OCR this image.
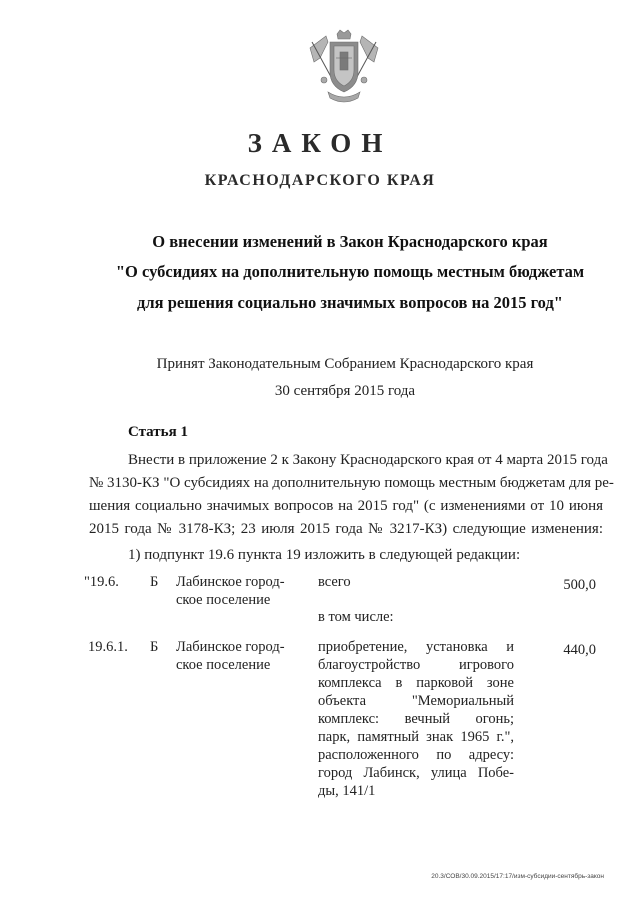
ЗАКОН
КРАСНОДАРСКОГО КРАЯ
О внесении изменений в Закон Краснодарского края
"О субсидиях на дополнительную помощь местным бюджетам
для решения социально значимых вопросов на 2015 год"
Принят Законодательным Собранием Краснодарского края
30 сентября 2015 года
Статья 1
Внести в приложение 2 к Закону Краснодарского края от 4 марта 2015 года
№ 3130-КЗ "О субсидиях на дополнительную помощь местным бюджетам для ре-
шения социально значимых вопросов на 2015 год" (с изменениями от 10 июня
2015 года № 3178-КЗ; 23 июля 2015 года № 3217-КЗ) следующие изменения:
1) подпункт 19.6 пункта 19 изложить в следующей редакции:
"19.6. Б Лабинское город-
ское поселение
всего	500,0
в том числе:
19.6.1. Б Лабинское город-
ское поселение
приобретение, установка и
благоустройство игрового
комплекса в парковой зоне
объекта "Мемориальный
комплекс: вечный огонь;
парк, памятный знак 1965 г.",
расположенного по адресу:
город Лабинск, улица Побе-
ды, 141/1
440,0
20.3/СОВ/30.09.2015/17:17/изм-субсидии-сентябрь-закон
